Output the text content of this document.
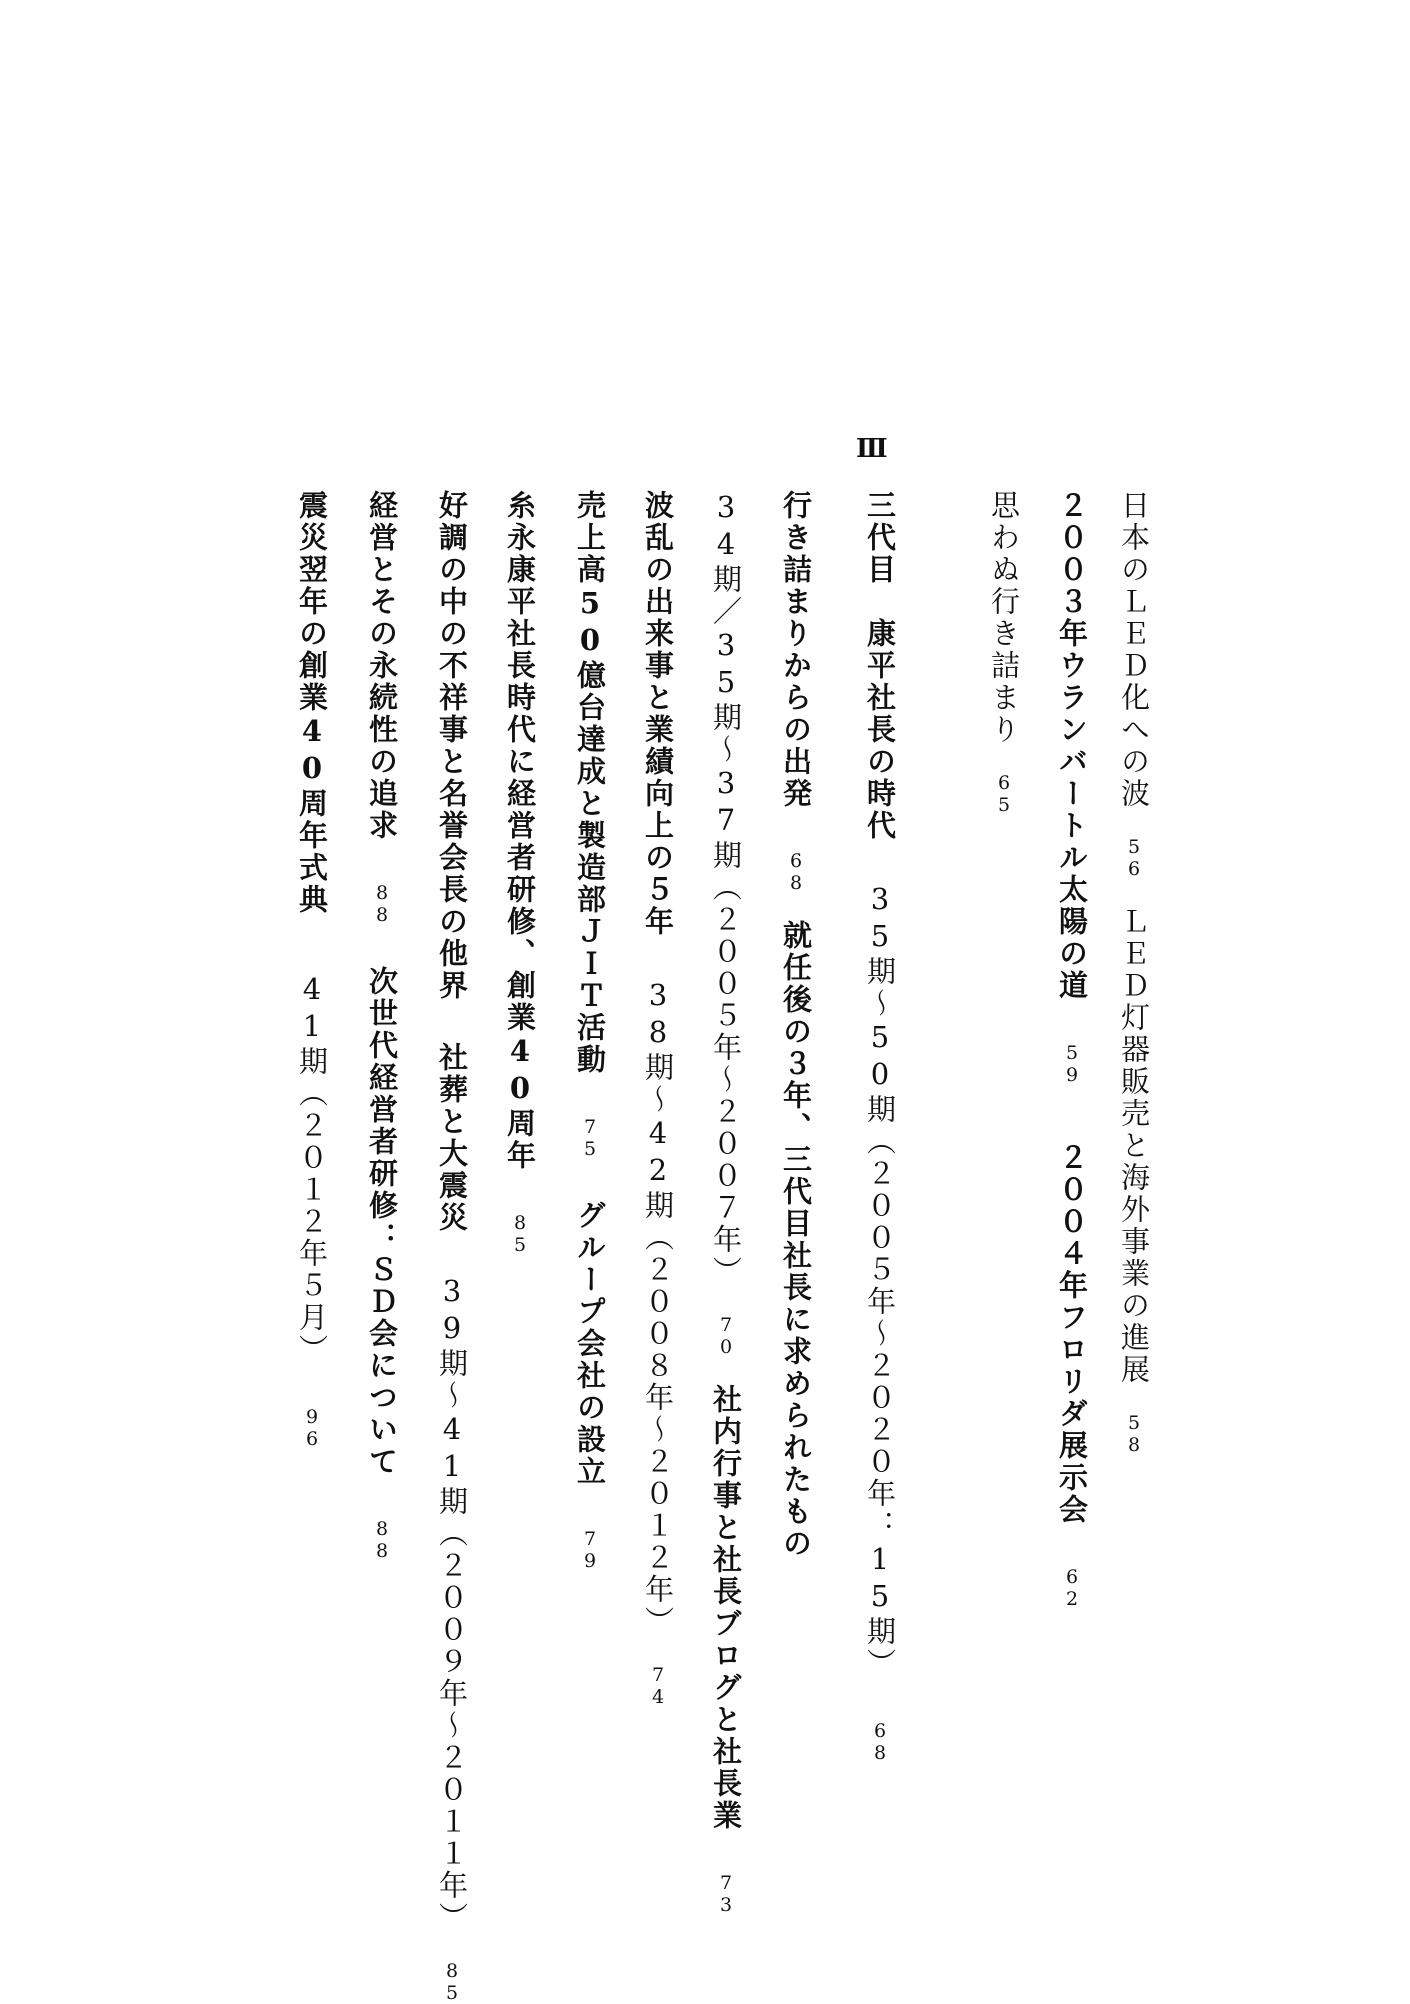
Ⅲ
日本のＬＥＤ化への波56ＬＥＤ灯器販売と海外事業の進展58
２００３年ウランバートル太陽の道59２００４年フロリダ展示会62
思わぬ行き詰まり65
三代目　康平社長の時代35期～50期（２００５年～２０２０年：15期）68
行き詰まりからの出発68就任後の３年、三代目社長に求められたもの
34期／35期～37期（２００５年～２００７年）70社内行事と社長ブログと社長業73
波乱の出来事と業績向上の５年38期～42期（２００８年～２０１２年）74
売上高50億台達成と製造部ＪＩＴ活動75グループ会社の設立79
糸永康平社長時代に経営者研修、創業40周年85
好調の中の不祥事と名誉会長の他界社葬と大震災39期～41期（２００９年～２０１１年）85
経営とその永続性の追求88次世代経営者研修：ＳＤ会について88
震災翌年の創業40周年式典41期（２０１２年５月）96
